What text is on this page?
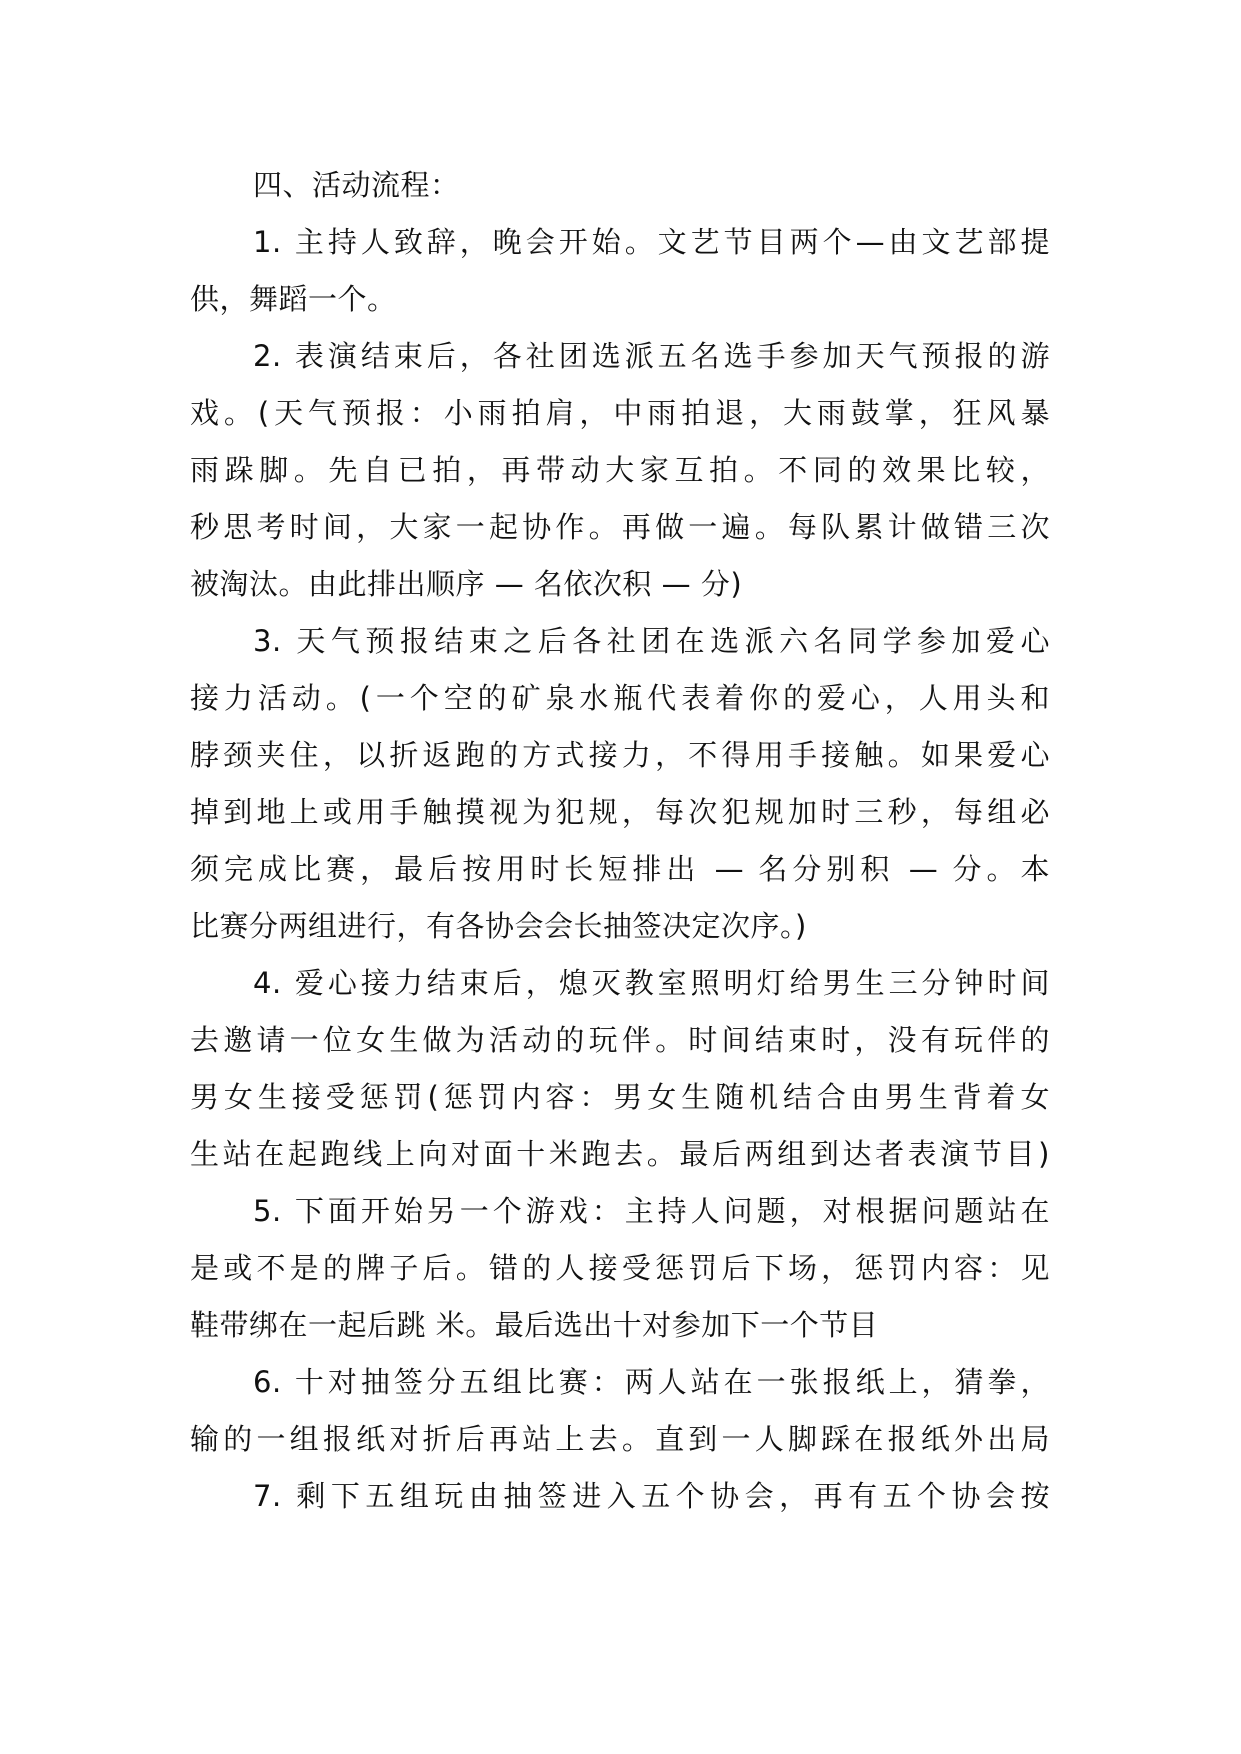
四、活动流程：
1. 主持人致辞，晚会开始。文艺节目两个—由文艺部提
供，舞蹈一个。
2. 表演结束后，各社团选派五名选手参加天气预报的游
戏。(天气预报：小雨拍肩，中雨拍退，大雨鼓掌，狂风暴
雨跺脚。先自已拍，再带动大家互拍。不同的效果比较，
秒思考时间，大家一起协作。再做一遍。每队累计做错三次
被淘汰。由此排出顺序 — 名依次积 — 分)
3. 天气预报结束之后各社团在选派六名同学参加爱心
接力活动。(一个空的矿泉水瓶代表着你的爱心，人用头和
脖颈夹住，以折返跑的方式接力，不得用手接触。如果爱心
掉到地上或用手触摸视为犯规，每次犯规加时三秒，每组必
须完成比赛，最后按用时长短排出 — 名分别积 — 分。本
比赛分两组进行，有各协会会长抽签决定次序。)
4. 爱心接力结束后，熄灭教室照明灯给男生三分钟时间
去邀请一位女生做为活动的玩伴。时间结束时，没有玩伴的
男女生接受惩罚(惩罚内容：男女生随机结合由男生背着女
生站在起跑线上向对面十米跑去。最后两组到达者表演节目)
5. 下面开始另一个游戏：主持人问题，对根据问题站在
是或不是的牌子后。错的人接受惩罚后下场，惩罚内容：见
鞋带绑在一起后跳 米。最后选出十对参加下一个节目
6. 十对抽签分五组比赛：两人站在一张报纸上，猜拳，
输的一组报纸对折后再站上去。直到一人脚踩在报纸外出局
7. 剩下五组玩由抽签进入五个协会，再有五个协会按
